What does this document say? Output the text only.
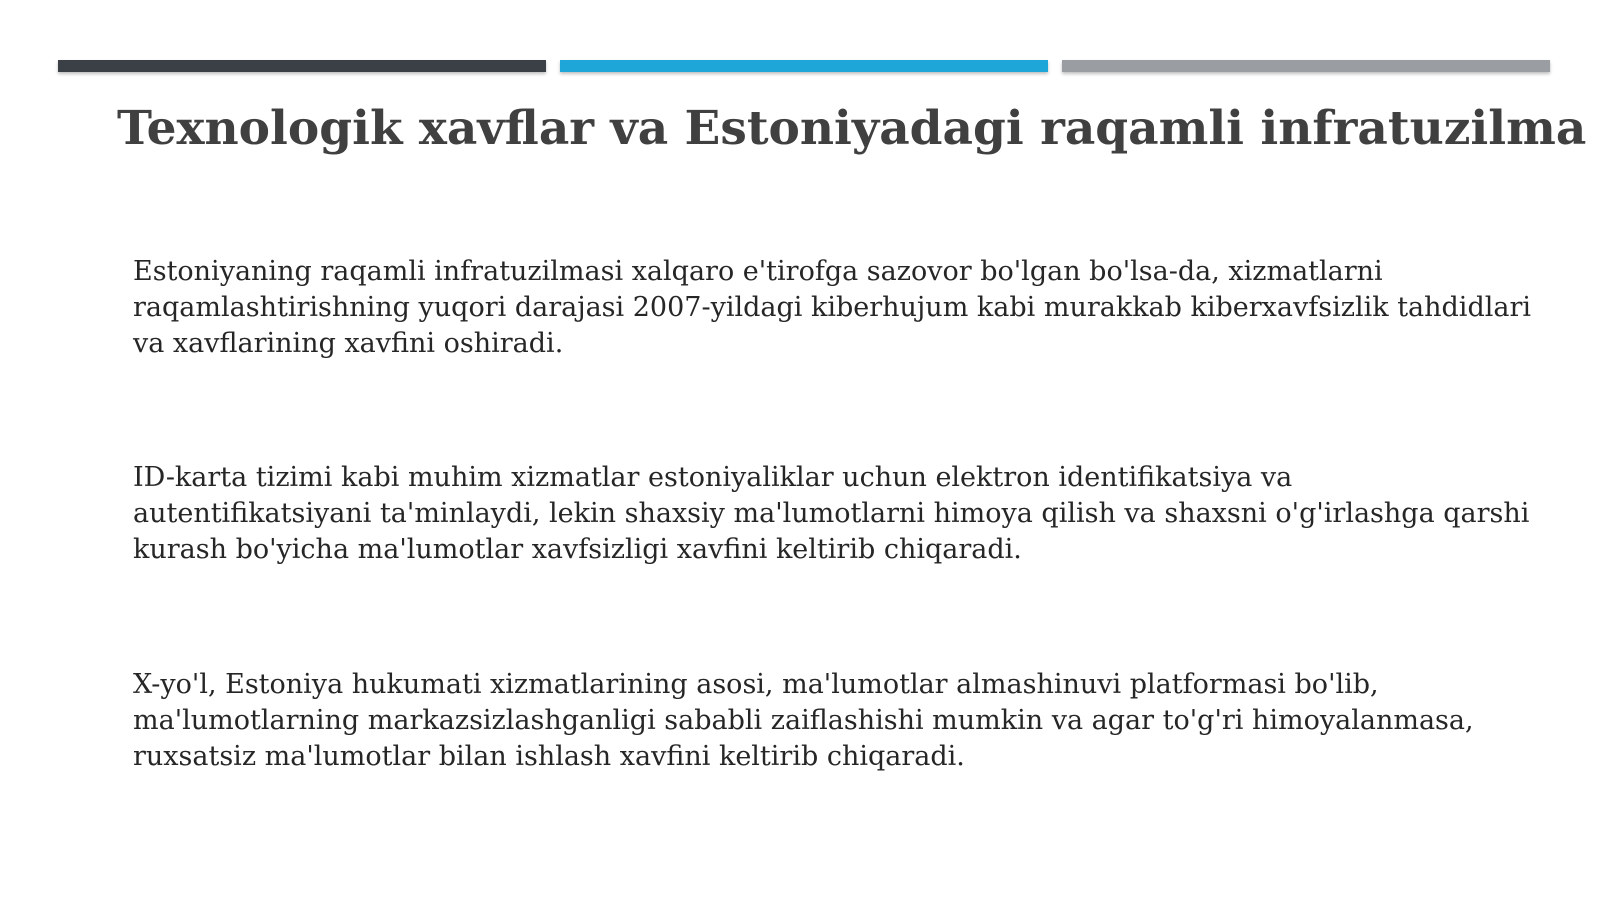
Texnologik xavflar va Estoniyadagi raqamli infratuzilma

Estoniyaning raqamli infratuzilmasi xalqaro e'tirofga sazovor bo'lgan bo'lsa-da, xizmatlarni raqamlashtirishning yuqori darajasi 2007-yildagi kiberhujum kabi murakkab kiberxavfsizlik tahdidlari va xavflarining xavfini oshiradi.

ID-karta tizimi kabi muhim xizmatlar estoniyaliklar uchun elektron identifikatsiya va autentifikatsiyani ta'minlaydi, lekin shaxsiy ma'lumotlarni himoya qilish va shaxsni o'g'irlashga qarshi kurash bo'yicha ma'lumotlar xavfsizligi xavfini keltirib chiqaradi.

X-yo'l, Estoniya hukumati xizmatlarining asosi, ma'lumotlar almashinuvi platformasi bo'lib, ma'lumotlarning markazsizlashganligi sababli zaiflashishi mumkin va agar to'g'ri himoyalanmasa, ruxsatsiz ma'lumotlar bilan ishlash xavfini keltirib chiqaradi.
